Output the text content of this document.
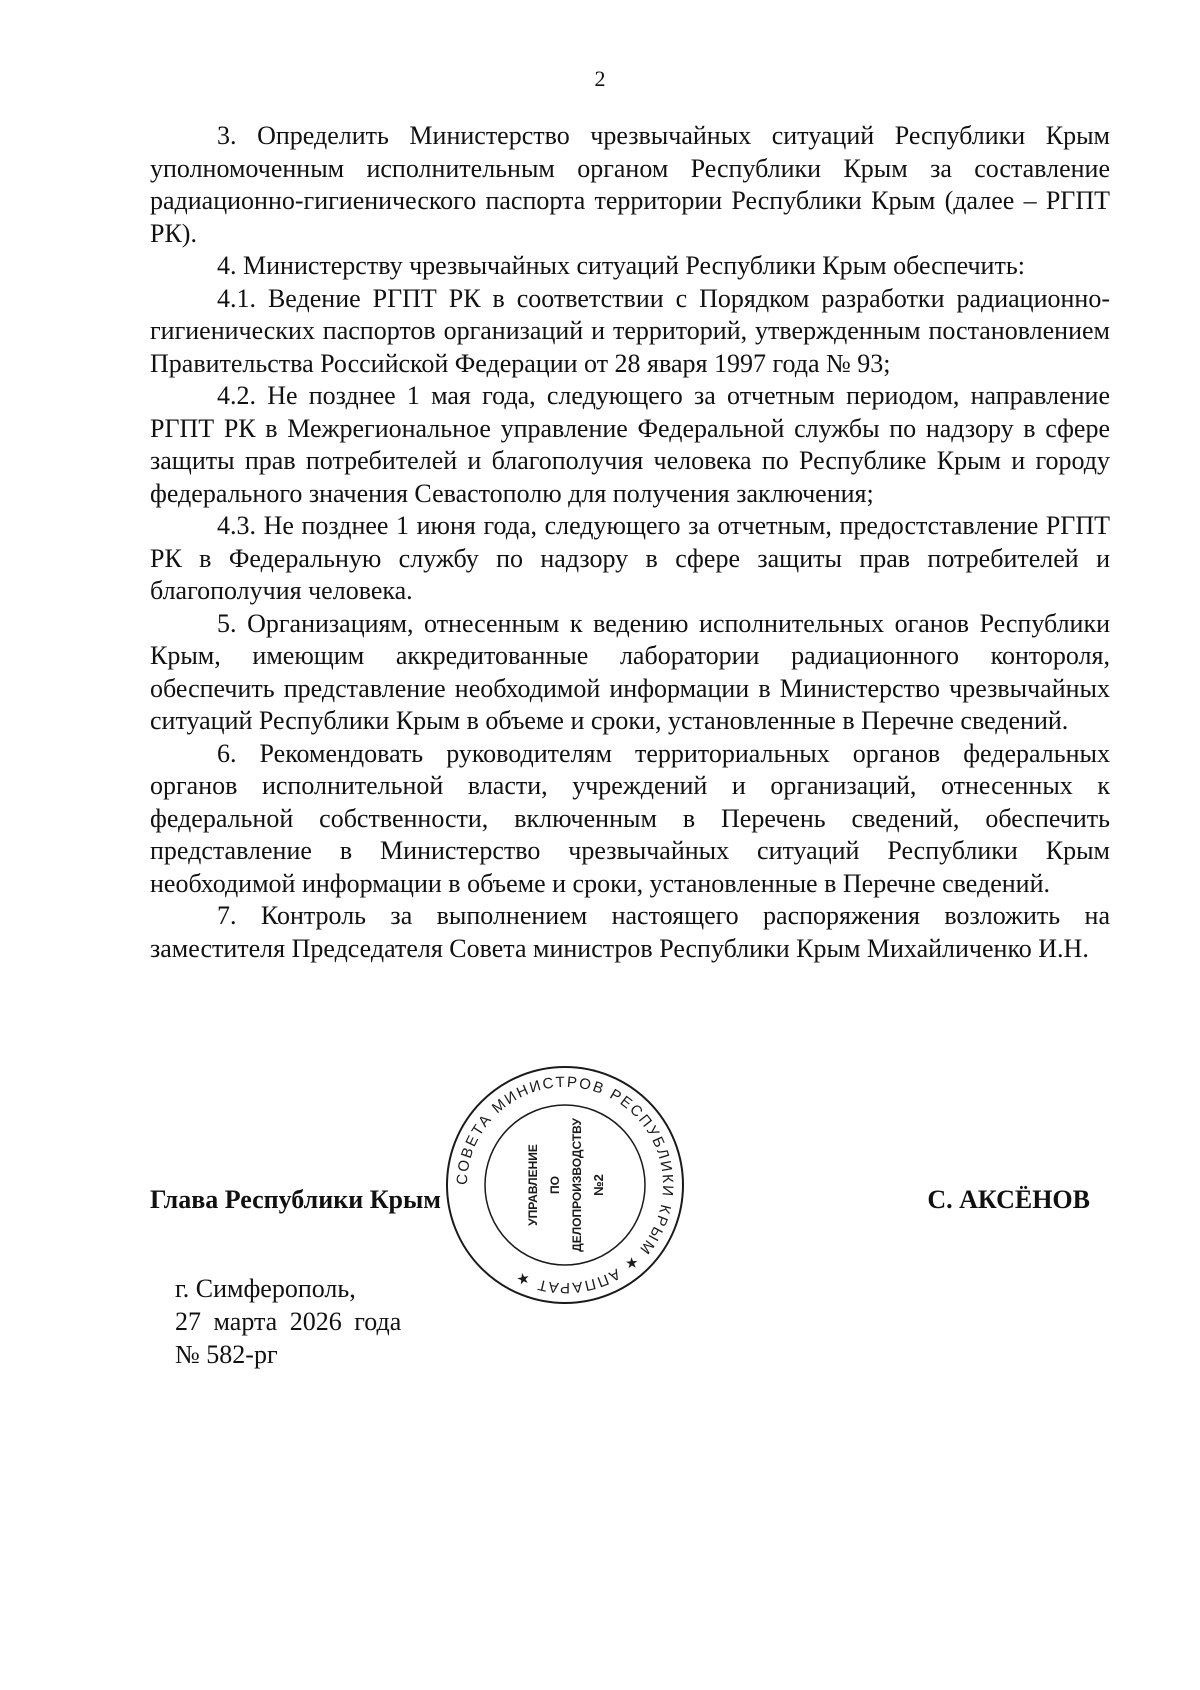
2

3. Определить Министерство чрезвычайных ситуаций Республики Крым уполномоченным исполнительным органом Республики Крым за составление радиационно-гигиенического паспорта территории Республики Крым (далее – РГПТ РК).

4. Министерству чрезвычайных ситуаций Республики Крым обеспечить:

4.1. Ведение РГПТ РК в соответствии с Порядком разработки радиационно-гигиенических паспортов организаций и территорий, утвержденным постановлением Правительства Российской Федерации от 28 яваря 1997 года № 93;

4.2. Не позднее 1 мая года, следующего за отчетным периодом, направление РГПТ РК в Межрегиональное управление Федеральной службы по надзору в сфере защиты прав потребителей и благополучия человека по Республике Крым и городу федерального значения Севастополю для получения заключения;

4.3. Не позднее 1 июня года, следующего за отчетным, предостставление РГПТ РК в Федеральную службу по надзору в сфере защиты прав потребителей и благополучия человека.

5. Организациям, отнесенным к ведению исполнительных оганов Республики Крым, имеющим аккредитованные лаборатории радиационного контороля, обеспечить представление необходимой информации в Министерство чрезвычайных ситуаций Республики Крым в объеме и сроки, установленные в Перечне сведений.

6. Рекомендовать руководителям территориальных органов федеральных органов исполнительной власти, учреждений и организаций, отнесенных к федеральной собственности, включенным в Перечень сведений, обеспечить представление в Министерство чрезвычайных ситуаций Республики Крым необходимой информации в объеме и сроки, установленные в Перечне сведений.

7. Контроль за выполнением настоящего распоряжения возложить на заместителя Председателя Совета министров Республики Крым Михайличенко И.Н.

Глава Республики Крым	С. АКСЁНОВ
г. Симферополь,
27 марта 2026 года
№ 582-рг
СОВЕТА МИНИСТРОВ РЕСПУБЛИКИ КРЫМ ★ АППАРАТ ★
УПРАВЛЕНИЕ ПО ДЕЛОПРОИЗВОДСТВУ №2
